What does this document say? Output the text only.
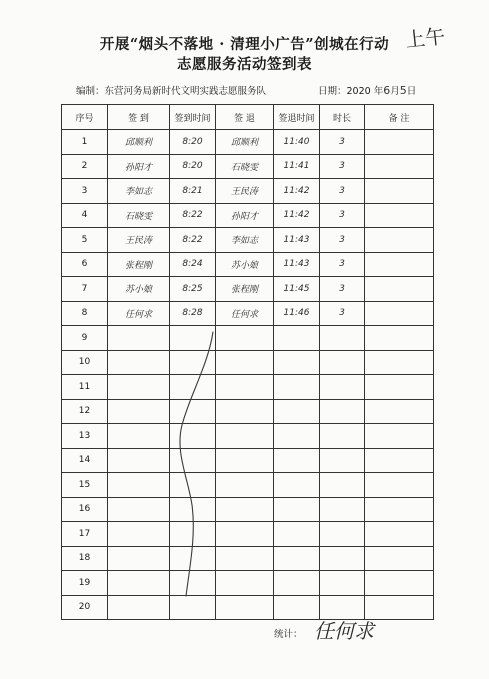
上午
开展“烟头不落地 · 清理小广告”创城在行动
志愿服务活动签到表
编制：东营河务局新时代文明实践志愿服务队	日期：2020 年6月5日
序号	签 到	签到时间	签 退	签退时间	时长	备 注
1	邱顺利	8:20	邱顺利	11:40	3	
2	孙阳才	8:20	石晓雯	11:41	3	
3	李如志	8:21	王民涛	11:42	3	
4	石晓雯	8:22	孙阳才	11:42	3	
5	王民涛	8:22	李如志	11:43	3	
6	张程刚	8:24	苏小娘	11:43	3	
7	苏小娘	8:25	张程刚	11:45	3	
8	任何求	8:28	任何求	11:46	3	
9						
10						
11						
12						
13						
14						
15						
16						
17						
18						
19						
20						
统计： 任何求
